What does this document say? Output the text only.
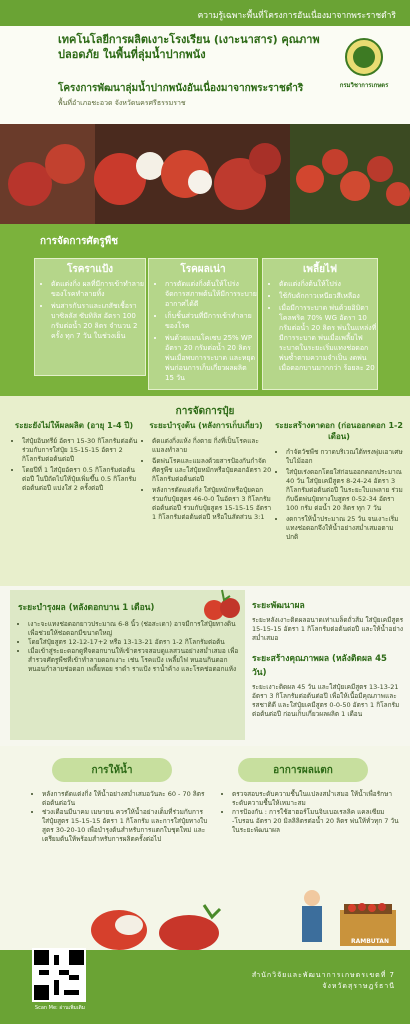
ความรู้เฉพาะพื้นที่โครงการอันเนื่องมาจากพระราชดำริ
เทคโนโลยีการผลิตเงาะโรงเรียน (เงาะนาสาร) คุณภาพปลอดภัย ในพื้นที่ลุ่มน้ำปากพนัง
โครงการพัฒนาลุ่มน้ำปากพนังอันเนื่องมาจากพระราชดำริ
พื้นที่อำเภอชะอวด จังหวัดนครศรีธรรมราช
กรมวิชาการเกษตร
การจัดการศัตรูพืช
โรคราแป้ง
• ตัดแต่งกิ่ง ผลที่มีการเข้าทำลายของโรคทำลายทิ้ง
• พ่นสารกันราและเภสัชเชื้อราบาซิลลัส ซับทิลิส อัตรา 100 กรัมต่อน้ำ 20 ลิตร จำนวน 2 ครั้ง ทุก 7 วัน ในช่วงเย็น
โรคผลเน่า
• การตัดแต่งกิ่งต้นให้โปร่งจัดการสภาพต้นให้มีการระบายอากาศได้ดี
• เก็บชิ้นส่วนที่มีการเข้าทำลายของโรค
• พ่นด้วยแมนโคเซบ 25% WP อัตรา 20 กรัมต่อน้ำ 20 ลิตร พ่นเมื่อพบการระบาด และหยุดพ่นก่อนการเก็บเกี่ยวผลผลิต 15 วัน
เพลี้ยไฟ
• ตัดแต่งกิ่งต้นให้โปร่ง
• ใช้กับดักกาวเหนียวสีเหลือง
• เมื่อมีการระบาด พ่นด้วยอิมิดาโคลพริด 70% WG อัตรา 10 กรัมต่อน้ำ 20 ลิตร พ่นในแหล่งที่มีการระบาด พ่นเมื่อเพลี้ยไฟระบาดในระยะเริ่มแทงช่อดอก พ่นซ้ำตามความจำเป็น งดพ่นเมื่อดอกบานมากกว่า ร้อยละ 20
การจัดการปุ๋ย
ระยะยังไม่ให้ผลผลิต (อายุ 1-4 ปี)
• ใส่ปุ๋ยอินทรีย์ อัตรา 15-30 กิโลกรัมต่อต้น ร่วมกับการใส่ปุ๋ย 15-15-15 อัตรา 2 กิโลกรัมต่อต้นต่อปี
• โดยปีที่ 1 ใส่ปุ๋ยอัตรา 0.5 กิโลกรัมต่อต้นต่อปี ในปีถัดไปให้ปุ๋ยเพิ่มขึ้น 0.5 กิโลกรัมต่อต้นต่อปี แบ่งใส่ 2 ครั้งต่อปี
ระยะบำรุงต้น (หลังการเก็บเกี่ยว)
• ตัดแต่งกิ่งแห้ง กิ่งตาย กิ่งที่เป็นโรคและแมลงทำลาย
• ฉีดพ่นโรคและแมลงด้วยสารป้องกันกำจัดศัตรูพืช และใส่ปุ๋ยหมักหรือปุ๋ยคอกอัตรา 20 กิโลกรัมต่อต้นต่อปี
• หลังการตัดแต่งกิ่ง ใส่ปุ๋ยหมักหรือปุ๋ยคอก ร่วมกับปุ๋ยสูตร 46-0-0 ในอัตรา 3 กิโลกรัมต่อต้นต่อปี ร่วมกับปุ๋ยสูตร 15-15-15 อัตรา 1 กิโลกรัมต่อต้นต่อปี หรือในสัดส่วน 3:1
ระยะสร้างตาดอก (ก่อนออกดอก 1-2 เดือน)
• กำจัดวัชพืช กวาดบริเวณใต้ทรงพุ่มเอาเศษใบไม้ออก
• ใส่ปุ๋ยเร่งดอกโดยใส่ก่อนออกดอกประมาณ 40 วัน ใส่ปุ๋ยเคมีสูตร 8-24-24 อัตรา 3 กิโลกรัมต่อต้นต่อปี ในระยะใบแพลาย ร่วมกับฉีดพ่นปุ๋ยทางใบสูตร 0-52-34 อัตรา 100 กรัม ต่อน้ำ 20 ลิตร ทุก 7 วัน
• งดการให้น้ำประมาณ 25 วัน จนเงาะเริ่มแทงช่อดอกจึงให้น้ำอย่างสม่ำเสมอตามปกติ
ระยะบำรุงผล (หลังดอกบาน 1 เดือน)
• เงาะจะแทงช่อดอกยาวประมาณ 6-8 นิ้ว (ช่อสะเดา) อาจมีการใส่ปุ๋ยทางดินเพื่อช่วยให้ช่อดอกมีขนาดใหญ่
• โดยใส่ปุ๋ยสูตร 12-12-17+2 หรือ 13-13-21 อัตรา 1-2 กิโลกรัมต่อต้น
• เมื่อเข้าสู่ระยะดอกดูทีจดอกบานให้เข้าตรวจสอบดูแลสวนอย่างสม่ำเสมอ เพื่อสำรวจศัตรูพืชที่เข้าทำลายดอกเงาะ เช่น โรคแป้ง เพลี้ยไฟ หนอนกินดอก หนอนกำลายช่อดอก เพลี้ยหอย ราดำ ราแป้ง ราน้ำค้าง และโรคช่อดอกแห้ง
ระยะพัฒนาผล
ระยะหลังเงาะติดผลอนาดเท่าเมล็ดถั่วส้ม ใส่ปุ๋ยเคมีสูตร 15-15-15 อัตรา 1 กิโลกรัมต่อต้นต่อปี และให้น้ำอย่างสม่ำเสมอ
ระยะสร้างคุณภาพผล (หลังติดผล 45 วัน)
ระยะเงาะติดผล 45 วัน และใส่ปุ๋ยเคมีสูตร 13-13-21 อัตรา 3 กิโลกรัมต่อต้นต่อปี เพื่อให้เนื้อมีคุณภาพและรสชาติดี และใส่ปุ๋ยเคมีสูตร 0-0-50 อัตรา 1 กิโลกรัมต่อต้นต่อปี ก่อนเก็บเกี่ยวผลผลิต 1 เดือน
การให้น้ำ	อาการผลแตก
• หลังการตัดแต่งกิ่ง ให้น้ำอย่างสม่ำเสมอวันละ 60 - 70 ลิตรต่อต้นต่อวัน
• ช่วงเดือนมีนาคม เมษายน ควรให้น้ำอย่างเต็มที่ร่วมกับการใส่ปุ๋ยสูตร 15-15-15 อัตรา 1 กิโลกรัม และการใส่ปุ๋ยทางใบสูตร 30-20-10 เพื่อบำรุงต้นสำหรับการแตกใบชุดใหม่ และเตรียมต้นให้พร้อมสำหรับการผลิตครั้งต่อไป
• ตรวจสอบระดับความชื้นในแปลงสม่ำเสมอ ให้น้ำเพื่อรักษาระดับความชื้นให้เหมาะสม
• การป้องกัน : การใช้ฮาฮอร์โมนจิบเบอเรลลิค แคลเซียม -โบรอน อัตรา 20 มิลลิลิตรต่อน้ำ 20 ลิตร พ่นให้ทั่วทุก 7 วัน ในระยะพัฒนาผล
RAMBUTAN
Scan Me: อ่านเพิ่มเติม
สำนักวิจัยและพัฒนาการเกษตรเขตที่ 7
จังหวัดสุราษฎร์ธานี
